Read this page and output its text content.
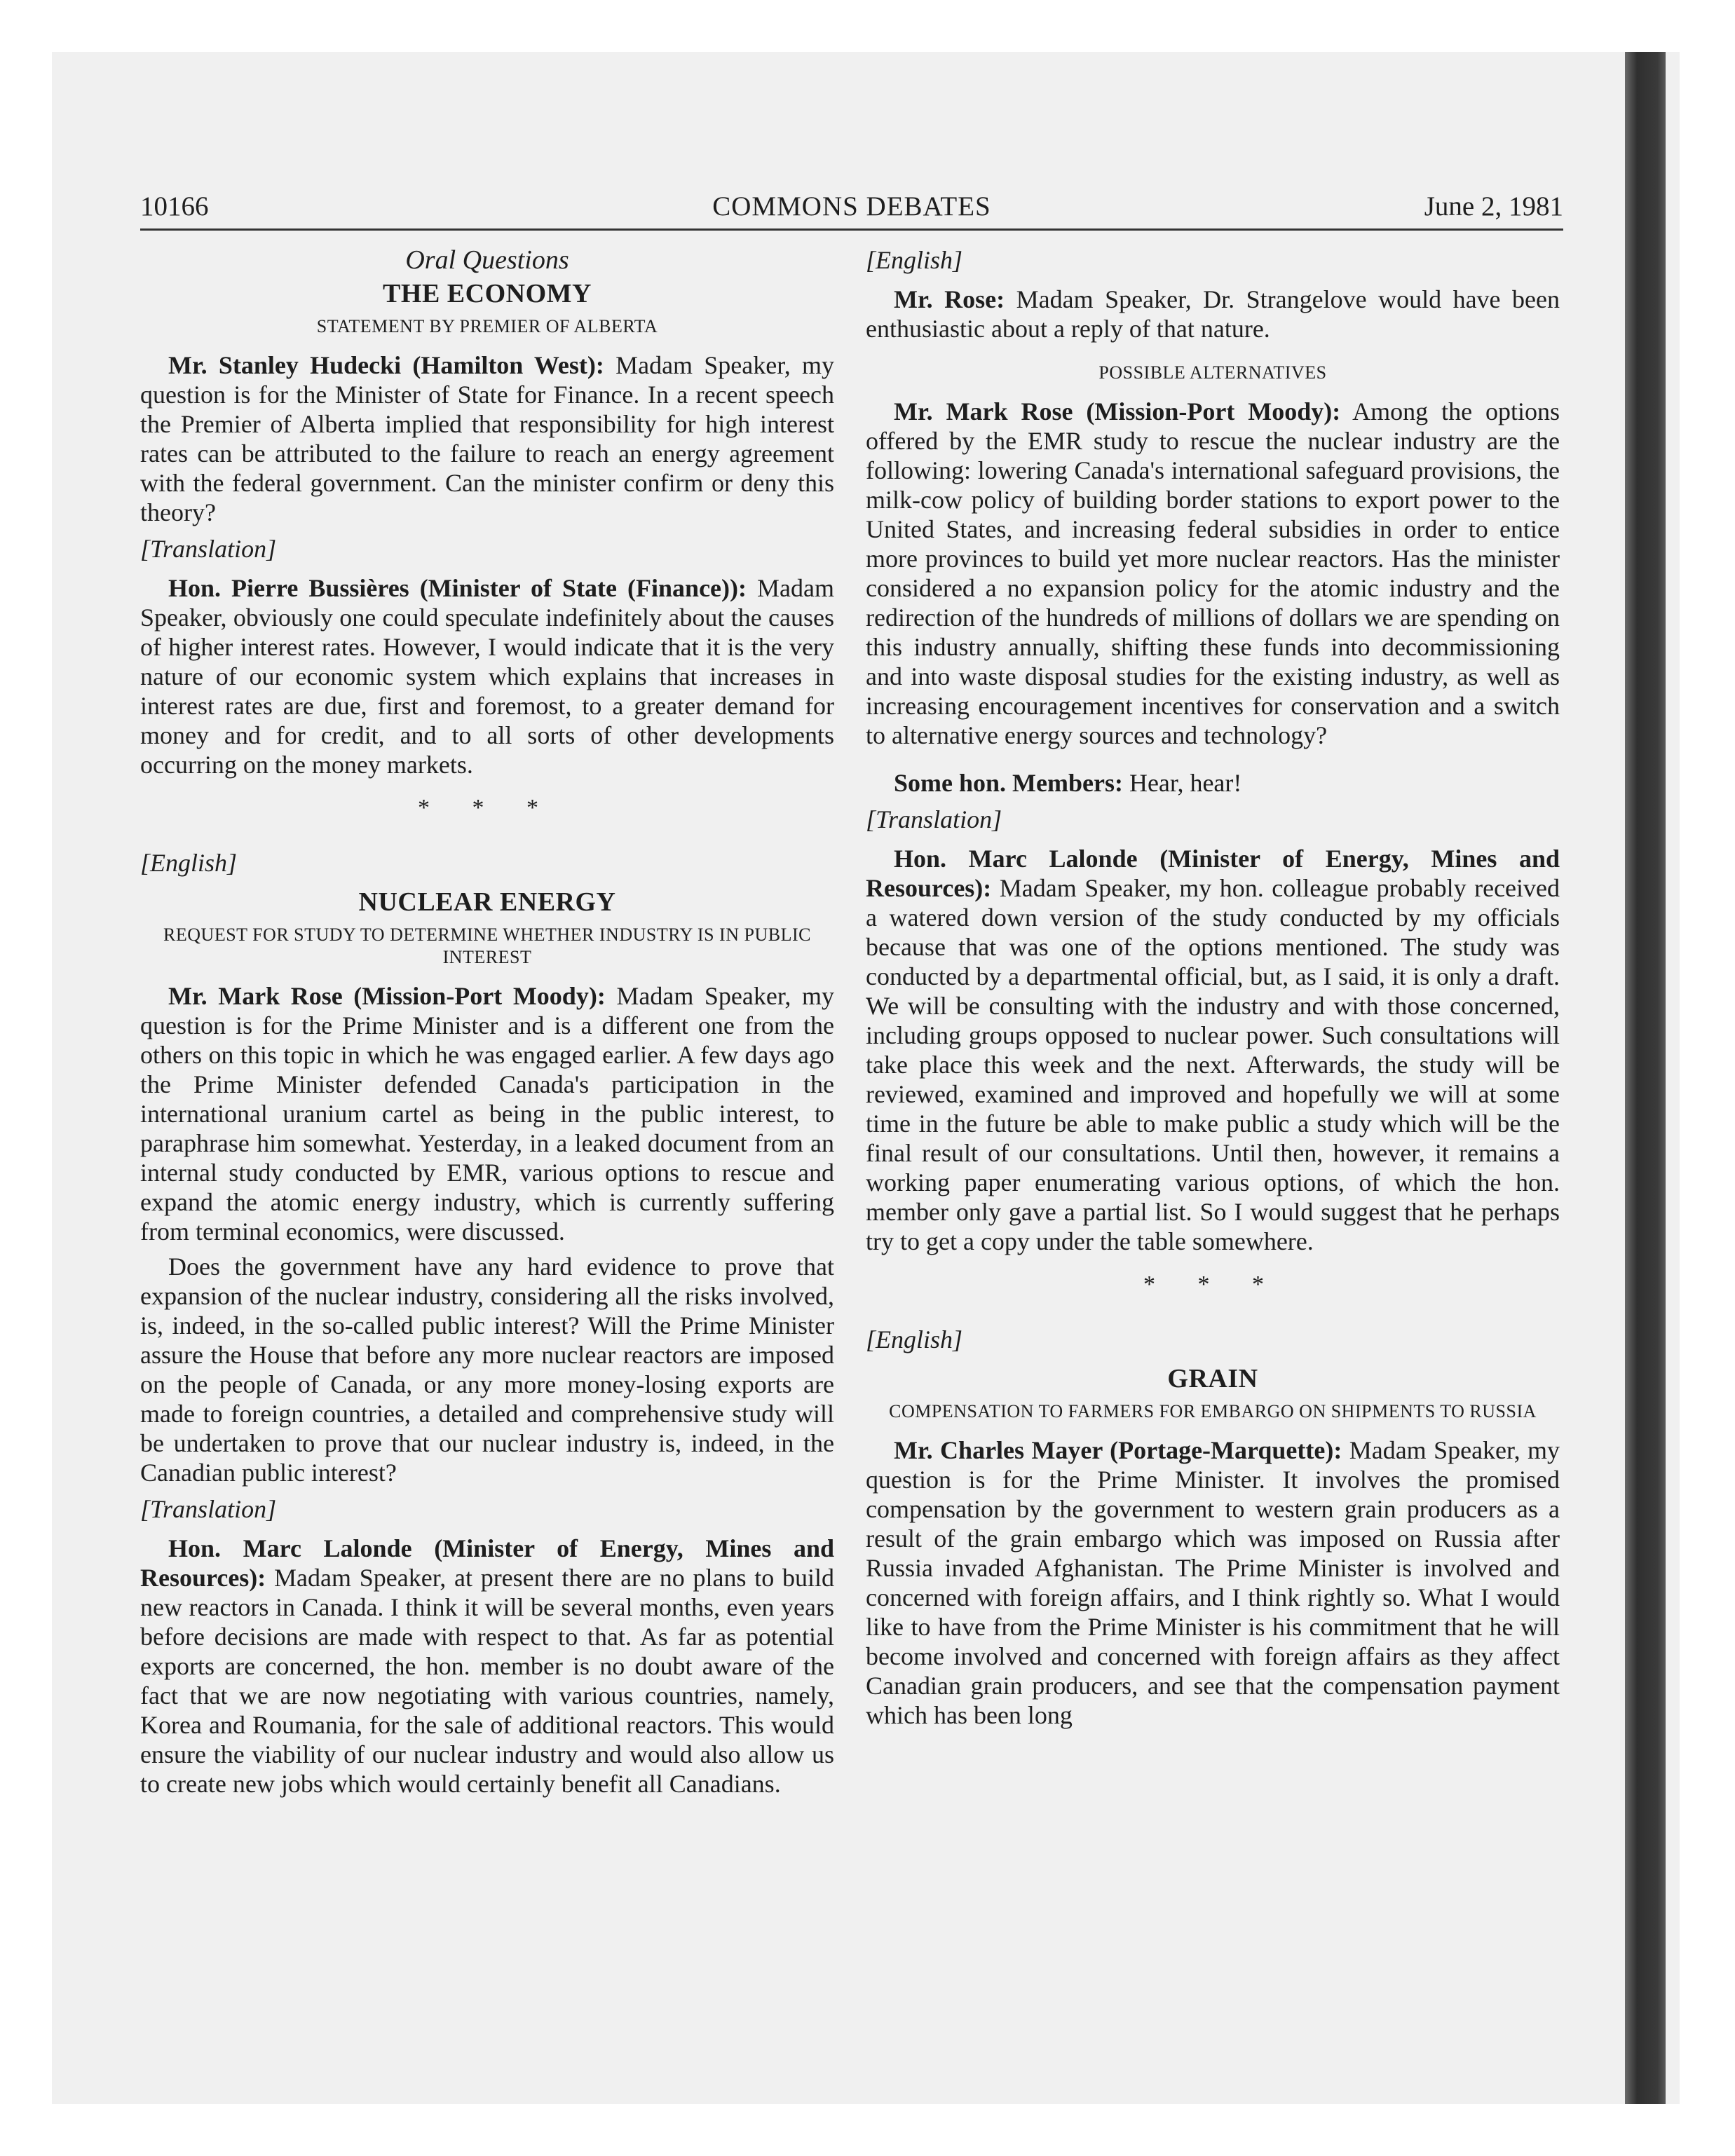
10166	COMMONS DEBATES	June 2, 1981
Oral Questions
THE ECONOMY
STATEMENT BY PREMIER OF ALBERTA

Mr. Stanley Hudecki (Hamilton West): Madam Speaker, my question is for the Minister of State for Finance. In a recent speech the Premier of Alberta implied that responsibility for high interest rates can be attributed to the failure to reach an energy agreement with the federal government. Can the minister confirm or deny this theory?

[Translation]

Hon. Pierre Bussières (Minister of State (Finance)): Madam Speaker, obviously one could speculate indefinitely about the causes of higher interest rates. However, I would indicate that it is the very nature of our economic system which explains that increases in interest rates are due, first and foremost, to a greater demand for money and for credit, and to all sorts of other developments occurring on the money markets.

* * *
[English]
NUCLEAR ENERGY
REQUEST FOR STUDY TO DETERMINE WHETHER INDUSTRY IS IN PUBLIC INTEREST

Mr. Mark Rose (Mission-Port Moody): Madam Speaker, my question is for the Prime Minister and is a different one from the others on this topic in which he was engaged earlier. A few days ago the Prime Minister defended Canada's participation in the international uranium cartel as being in the public interest, to paraphrase him somewhat. Yesterday, in a leaked document from an internal study conducted by EMR, various options to rescue and expand the atomic energy industry, which is currently suffering from terminal economics, were discussed.

Does the government have any hard evidence to prove that expansion of the nuclear industry, considering all the risks involved, is, indeed, in the so-called public interest? Will the Prime Minister assure the House that before any more nuclear reactors are imposed on the people of Canada, or any more money-losing exports are made to foreign countries, a detailed and comprehensive study will be undertaken to prove that our nuclear industry is, indeed, in the Canadian public interest?

[Translation]

Hon. Marc Lalonde (Minister of Energy, Mines and Resources): Madam Speaker, at present there are no plans to build new reactors in Canada. I think it will be several months, even years before decisions are made with respect to that. As far as potential exports are concerned, the hon. member is no doubt aware of the fact that we are now negotiating with various countries, namely, Korea and Roumania, for the sale of additional reactors. This would ensure the viability of our nuclear industry and would also allow us to create new jobs which would certainly benefit all Canadians.

[English]

Mr. Rose: Madam Speaker, Dr. Strangelove would have been enthusiastic about a reply of that nature.

POSSIBLE ALTERNATIVES

Mr. Mark Rose (Mission-Port Moody): Among the options offered by the EMR study to rescue the nuclear industry are the following: lowering Canada's international safeguard provisions, the milk-cow policy of building border stations to export power to the United States, and increasing federal subsidies in order to entice more provinces to build yet more nuclear reactors. Has the minister considered a no expansion policy for the atomic industry and the redirection of the hundreds of millions of dollars we are spending on this industry annually, shifting these funds into decommissioning and into waste disposal studies for the existing industry, as well as increasing encouragement incentives for conservation and a switch to alternative energy sources and technology?

Some hon. Members: Hear, hear!

[Translation]

Hon. Marc Lalonde (Minister of Energy, Mines and Resources): Madam Speaker, my hon. colleague probably received a watered down version of the study conducted by my officials because that was one of the options mentioned. The study was conducted by a departmental official, but, as I said, it is only a draft. We will be consulting with the industry and with those concerned, including groups opposed to nuclear power. Such consultations will take place this week and the next. Afterwards, the study will be reviewed, examined and improved and hopefully we will at some time in the future be able to make public a study which will be the final result of our consultations. Until then, however, it remains a working paper enumerating various options, of which the hon. member only gave a partial list. So I would suggest that he perhaps try to get a copy under the table somewhere.

* * *
[English]
GRAIN
COMPENSATION TO FARMERS FOR EMBARGO ON SHIPMENTS TO RUSSIA

Mr. Charles Mayer (Portage-Marquette): Madam Speaker, my question is for the Prime Minister. It involves the promised compensation by the government to western grain producers as a result of the grain embargo which was imposed on Russia after Russia invaded Afghanistan. The Prime Minister is involved and concerned with foreign affairs, and I think rightly so. What I would like to have from the Prime Minister is his commitment that he will become involved and concerned with foreign affairs as they affect Canadian grain producers, and see that the compensation payment which has been long
